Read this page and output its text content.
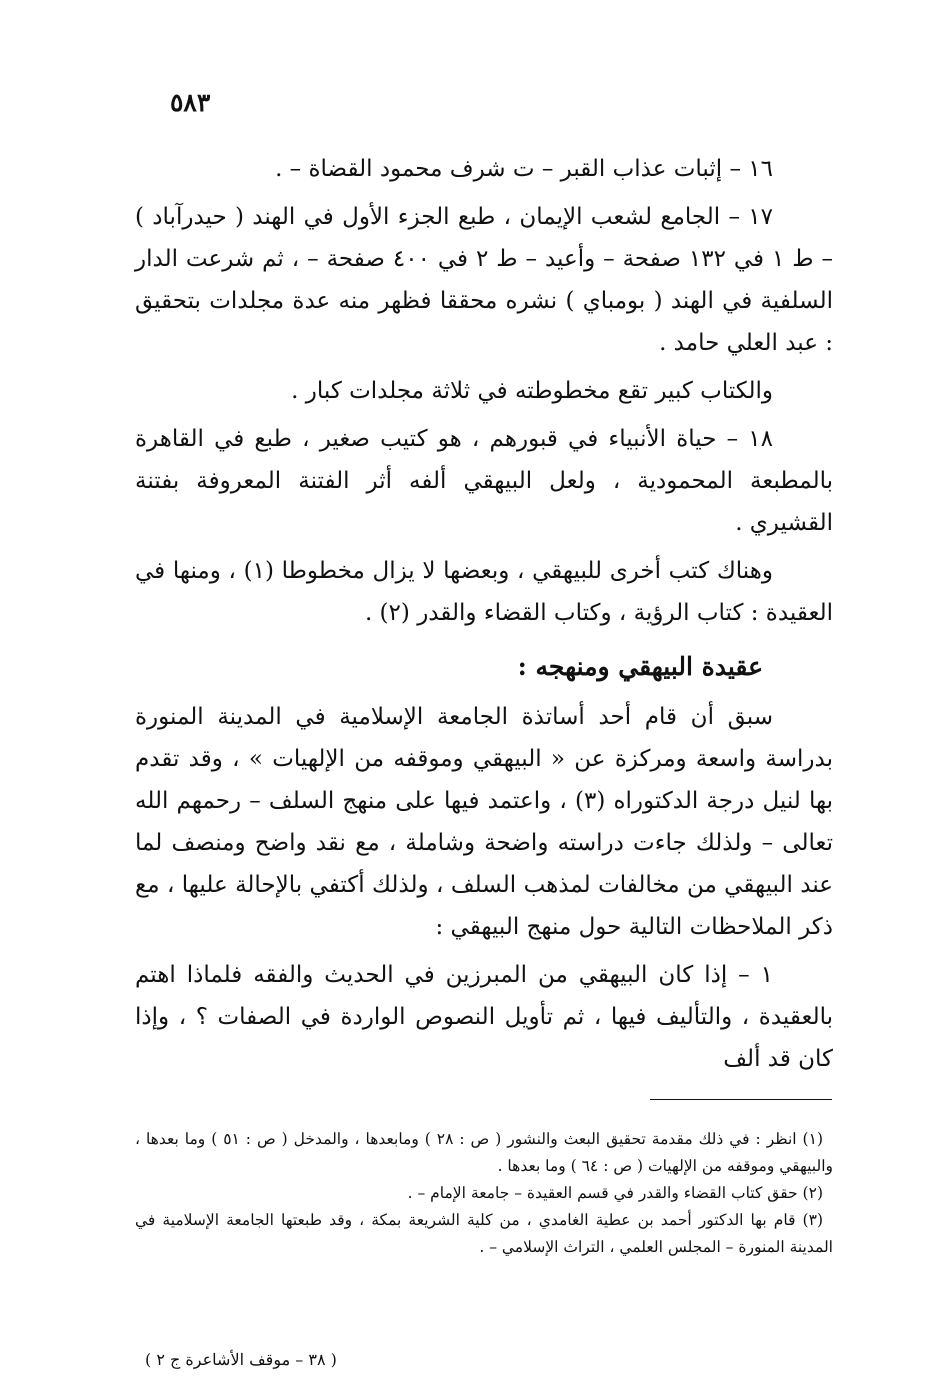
٥٨٣

١٦ – إثبات عذاب القبر – ت شرف محمود القضاة – .

١٧ – الجامع لشعب الإيمان ، طبع الجزء الأول في الهند ( حيدرآباد ) – ط ١ في ١٣٢ صفحة – وأعيد – ط ٢ في ٤٠٠ صفحة – ، ثم شرعت الدار السلفية في الهند ( بومباي ) نشره محققا فظهر منه عدة مجلدات بتحقيق : عبد العلي حامد .

والكتاب كبير تقع مخطوطته في ثلاثة مجلدات كبار .

١٨ – حياة الأنبياء في قبورهم ، هو كتيب صغير ، طبع في القاهرة بالمطبعة المحمودية ، ولعل البيهقي ألفه أثر الفتنة المعروفة بفتنة القشيري .

وهناك كتب أخرى للبيهقي ، وبعضها لا يزال مخطوطا (١) ، ومنها في العقيدة : كتاب الرؤية ، وكتاب القضاء والقدر (٢) .

عقيدة البيهقي ومنهجه :

سبق أن قام أحد أساتذة الجامعة الإسلامية في المدينة المنورة بدراسة واسعة ومركزة عن « البيهقي وموقفه من الإلهيات » ، وقد تقدم بها لنيل درجة الدكتوراه (٣) ، واعتمد فيها على منهج السلف – رحمهم الله تعالى – ولذلك جاءت دراسته واضحة وشاملة ، مع نقد واضح ومنصف لما عند البيهقي من مخالفات لمذهب السلف ، ولذلك أكتفي بالإحالة عليها ، مع ذكر الملاحظات التالية حول منهج البيهقي :

١ – إذا كان البيهقي من المبرزين في الحديث والفقه فلماذا اهتم بالعقيدة ، والتأليف فيها ، ثم تأويل النصوص الواردة في الصفات ؟ ، وإذا كان قد ألف

(١) انظر : في ذلك مقدمة تحقيق البعث والنشور ( ص : ٢٨ ) ومابعدها ، والمدخل ( ص : ٥١ ) وما بعدها ، والبيهقي وموقفه من الإلهيات ( ص : ٦٤ ) وما بعدها .

(٢) حقق كتاب القضاء والقدر في قسم العقيدة – جامعة الإمام – .

(٣) قام بها الدكتور أحمد بن عطية الغامدي ، من كلية الشريعة بمكة ، وقد طبعتها الجامعة الإسلامية في المدينة المنورة – المجلس العلمي ، التراث الإسلامي – .

( ٣٨ – موقف الأشاعرة ج ٢ )
